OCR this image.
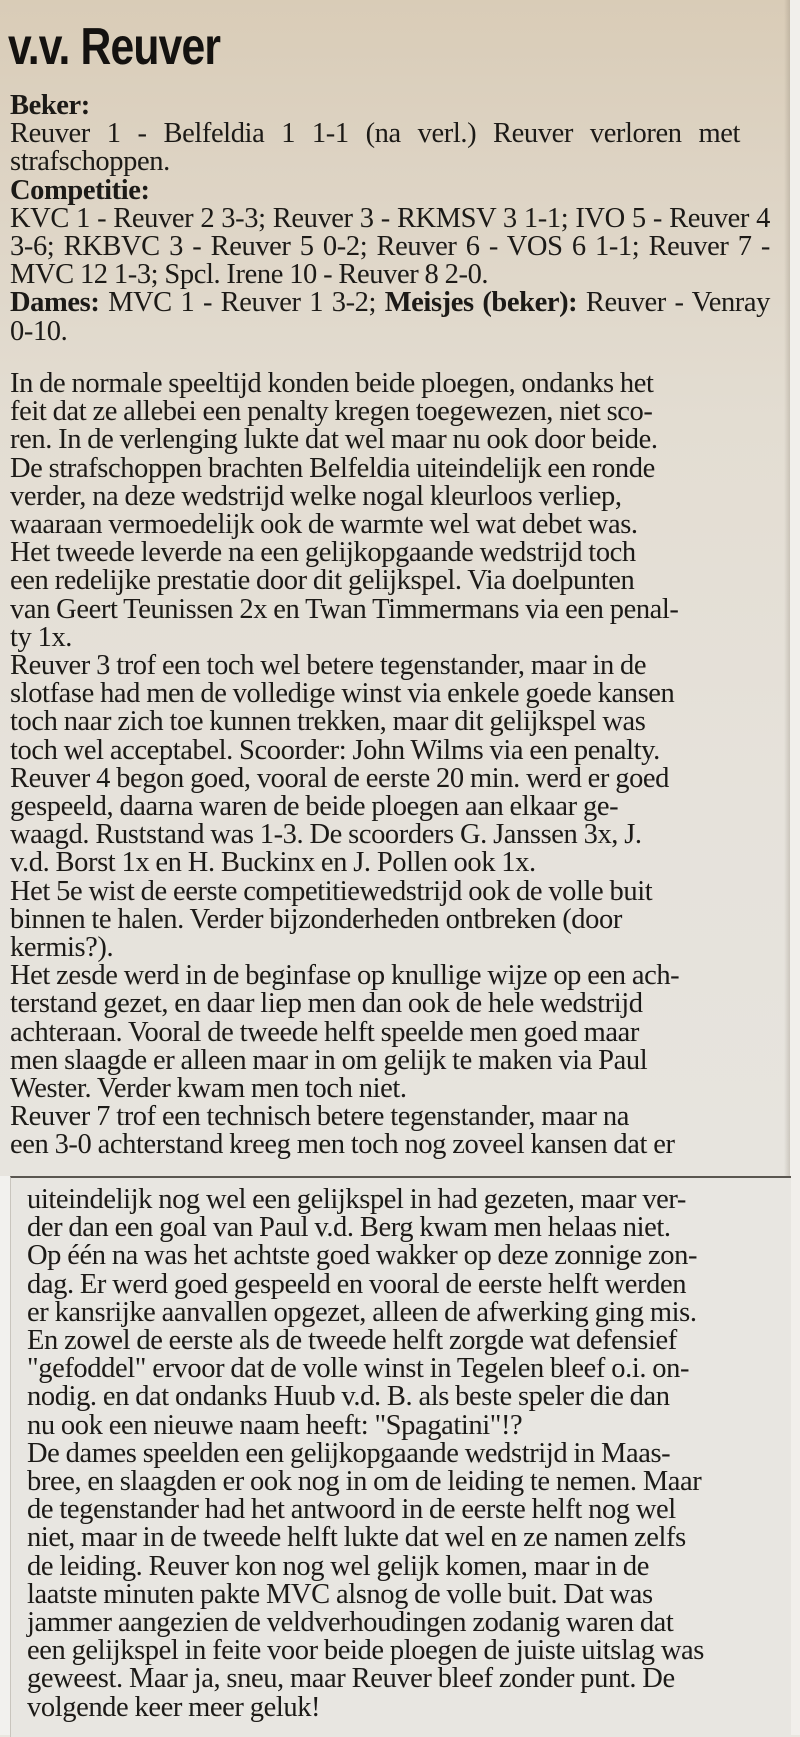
v.v. Reuver
Beker:
Reuver 1 - Belfeldia 1 1-1 (na verl.) Reuver verloren met strafschoppen.
Competitie:
KVC 1 - Reuver 2 3-3; Reuver 3 - RKMSV 3 1-1; IVO 5 - Reuver 4 3-6; RKBVC 3 - Reuver 5 0-2; Reuver 6 - VOS 6 1-1; Reuver 7 - MVC 12 1-3; Spcl. Irene 10 - Reuver 8 2-0.
Dames: MVC 1 - Reuver 1 3-2; Meisjes (beker): Reuver - Venray 0-10.
In de normale speeltijd konden beide ploegen, ondanks het
feit dat ze allebei een penalty kregen toegewezen, niet sco-
ren. In de verlenging lukte dat wel maar nu ook door beide.
De strafschoppen brachten Belfeldia uiteindelijk een ronde
verder, na deze wedstrijd welke nogal kleurloos verliep,
waaraan vermoedelijk ook de warmte wel wat debet was.
Het tweede leverde na een gelijkopgaande wedstrijd toch
een redelijke prestatie door dit gelijkspel. Via doelpunten
van Geert Teunissen 2x en Twan Timmermans via een penal-
ty 1x.
Reuver 3 trof een toch wel betere tegenstander, maar in de
slotfase had men de volledige winst via enkele goede kansen
toch naar zich toe kunnen trekken, maar dit gelijkspel was
toch wel acceptabel. Scoorder: John Wilms via een penalty.
Reuver 4 begon goed, vooral de eerste 20 min. werd er goed
gespeeld, daarna waren de beide ploegen aan elkaar ge-
waagd. Ruststand was 1-3. De scoorders G. Janssen 3x, J.
v.d. Borst 1x en H. Buckinx en J. Pollen ook 1x.
Het 5e wist de eerste competitiewedstrijd ook de volle buit
binnen te halen. Verder bijzonderheden ontbreken (door
kermis?).
Het zesde werd in de beginfase op knullige wijze op een ach-
terstand gezet, en daar liep men dan ook de hele wedstrijd
achteraan. Vooral de tweede helft speelde men goed maar
men slaagde er alleen maar in om gelijk te maken via Paul
Wester. Verder kwam men toch niet.
Reuver 7 trof een technisch betere tegenstander, maar na
een 3-0 achterstand kreeg men toch nog zoveel kansen dat er
uiteindelijk nog wel een gelijkspel in had gezeten, maar ver-
der dan een goal van Paul v.d. Berg kwam men helaas niet.
Op één na was het achtste goed wakker op deze zonnige zon-
dag. Er werd goed gespeeld en vooral de eerste helft werden
er kansrijke aanvallen opgezet, alleen de afwerking ging mis.
En zowel de eerste als de tweede helft zorgde wat defensief
"gefoddel" ervoor dat de volle winst in Tegelen bleef o.i. on-
nodig. en dat ondanks Huub v.d. B. als beste speler die dan
nu ook een nieuwe naam heeft: "Spagatini"!?
De dames speelden een gelijkopgaande wedstrijd in Maas-
bree, en slaagden er ook nog in om de leiding te nemen. Maar
de tegenstander had het antwoord in de eerste helft nog wel
niet, maar in de tweede helft lukte dat wel en ze namen zelfs
de leiding. Reuver kon nog wel gelijk komen, maar in de
laatste minuten pakte MVC alsnog de volle buit. Dat was
jammer aangezien de veldverhoudingen zodanig waren dat
een gelijkspel in feite voor beide ploegen de juiste uitslag was
geweest. Maar ja, sneu, maar Reuver bleef zonder punt. De
volgende keer meer geluk!
